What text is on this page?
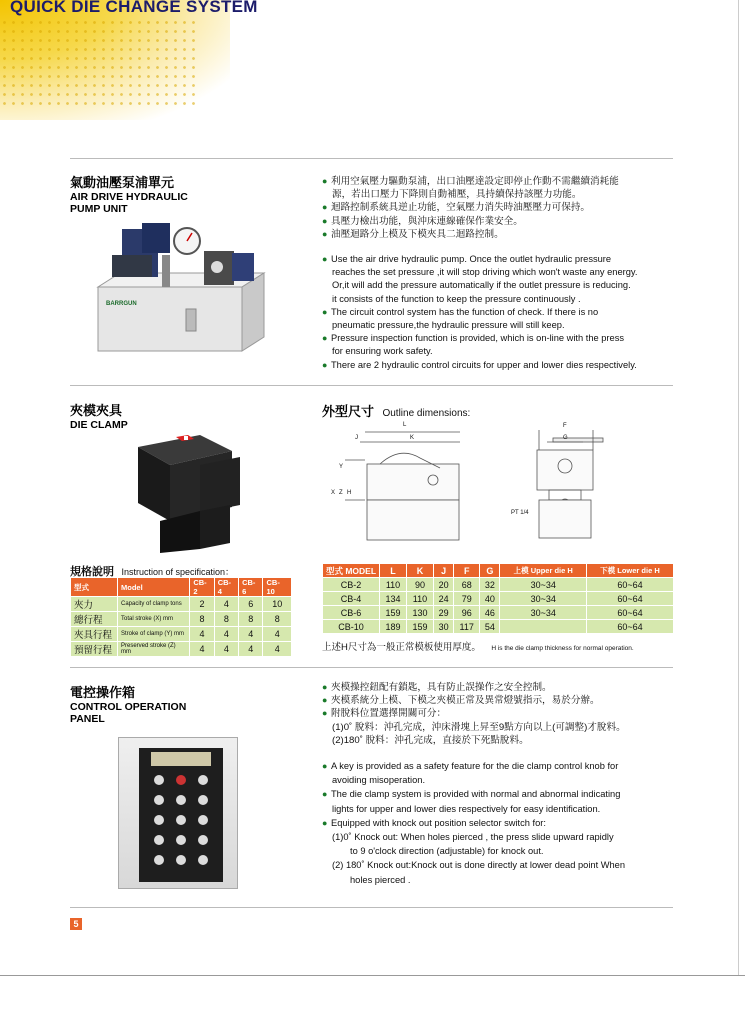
QUICK DIE CHANGE SYSTEM
氣動油壓泵浦單元
AIR DRIVE HYDRAULIC
PUMP UNIT
BARRGUN

● 利用空氣壓力驅動泵浦，出口油壓達設定即停止作動不需繼續消耗能

源，若出口壓力下降則自動補壓，具持續保持該壓力功能。

● 迴路控制系統具逆止功能，空氣壓力消失時油壓壓力可保持。

● 具壓力檢出功能，與沖床連線確保作業安全。

● 油壓迴路分上模及下模夾具二迴路控制。

● Use the air drive hydraulic pump. Once the outlet hydraulic pressure

reaches the set pressure ,it will stop driving which won't waste any energy.

Or,it will add the pressure automatically if the outlet pressure is reducing.

it consists of the function to keep the pressure continuously .

● The circuit control system has the function of check. If there is no

pneumatic pressure,the hydraulic pressure will still keep.

● Pressure inspection function is provided, which is on-line with the press

for ensuring work safety.

● There are 2 hydraulic control circuits for upper and lower dies respectively.

夾模夾具
DIE CLAMP
外型尺寸 Outline dimensions:
L
K
J
F
G
Y
X Z H
PT 1/4
規格說明 Instruction of specification：
型式	Model	CB-2	CB-4	CB-6	CB-10
夾力	Capacity of clamp tons	2	4	6	10
總行程	Total stroke (X) mm	8	8	8	8
夾具行程	Stroke of clamp (Y) mm	4	4	4	4
預留行程	Preserved stroke (Z) mm	4	4	4	4
型式 MODEL	L	K	J	F	G	上模 Upper die H	下模 Lower die H
CB-2	110	90	20	68	32	30~34	60~64
CB-4	134	110	24	79	40	30~34	60~64
CB-6	159	130	29	96	46	30~34	60~64
CB-10	189	159	30	117	54		60~64
上述H尺寸為一般正常模板使用厚度。 H is the die clamp thickness for normal operation.
電控操作箱
CONTROL OPERATION
PANEL

● 夾模操控鈕配有鎖匙，具有防止誤操作之安全控制。

● 夾模系統分上模、下模之夾模正常及異常燈號指示，易於分辦。

● 附脫料位置選擇開關可分：

(1)0˚ 脫料：沖孔完成，沖床滑塊上昇至9點方向以上(可調整)才脫料。

(2)180˚ 脫料：沖孔完成，直接於下死點脫料。

● A key is provided as a safety feature for the die clamp control knob for

avoiding misoperation.

● The die clamp system is provided with normal and abnormal indicating

lights for upper and lower dies respectively for easy identification.

● Equipped with knock out position selector switch for:

(1)0˚ Knock out: When holes pierced , the press slide upward rapidly

to 9 o'clock direction (adjustable) for knock out.

(2) 180˚ Knock out:Knock out is done directly at lower dead point When

holes pierced .

5
